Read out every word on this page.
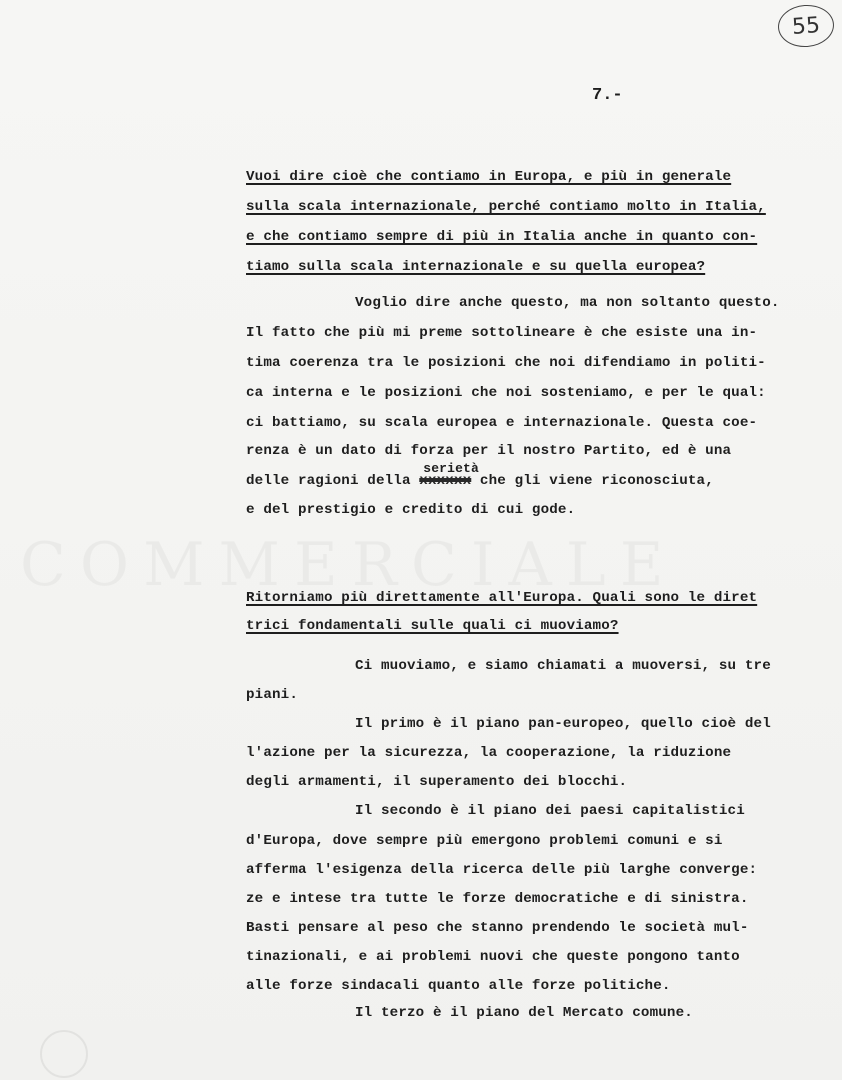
55
7.-
Vuoi dire cioè che contiamo in Europa, e più in generale
sulla scala internazionale, perché contiamo molto in Italia,
e che contiamo sempre di più in Italia anche in quanto con-
tiamo sulla scala internazionale e su quella europea?
Voglio dire anche questo, ma non soltanto questo.
Il fatto che più mi preme sottolineare è che esiste una in-
tima coerenza tra le posizioni che noi difendiamo in politi-
ca interna e le posizioni che noi sosteniamo, e per le qual:
ci battiamo, su scala europea e internazionale. Questa coe-
renza è un dato di forza per il nostro Partito, ed è una
delle ragioni della xxxxxx
serietà
che gli viene riconosciuta,
e del prestigio e credito di cui gode.
Ritorniamo più direttamente all'Europa. Quali sono le diret
trici fondamentali sulle quali ci muoviamo?
Ci muoviamo, e siamo chiamati a muoversi, su tre
piani.
Il primo è il piano pan-europeo, quello cioè del
l'azione per la sicurezza, la cooperazione, la riduzione
degli armamenti, il superamento dei blocchi.
Il secondo è il piano dei paesi capitalistici
d'Europa, dove sempre più emergono problemi comuni e si
afferma l'esigenza della ricerca delle più larghe converge:
ze e intese tra tutte le forze democratiche e di sinistra.
Basti pensare al peso che stanno prendendo le società mul-
tinazionali, e ai problemi nuovi che queste pongono tanto
alle forze sindacali quanto alle forze politiche.
Il terzo è il piano del Mercato comune.
